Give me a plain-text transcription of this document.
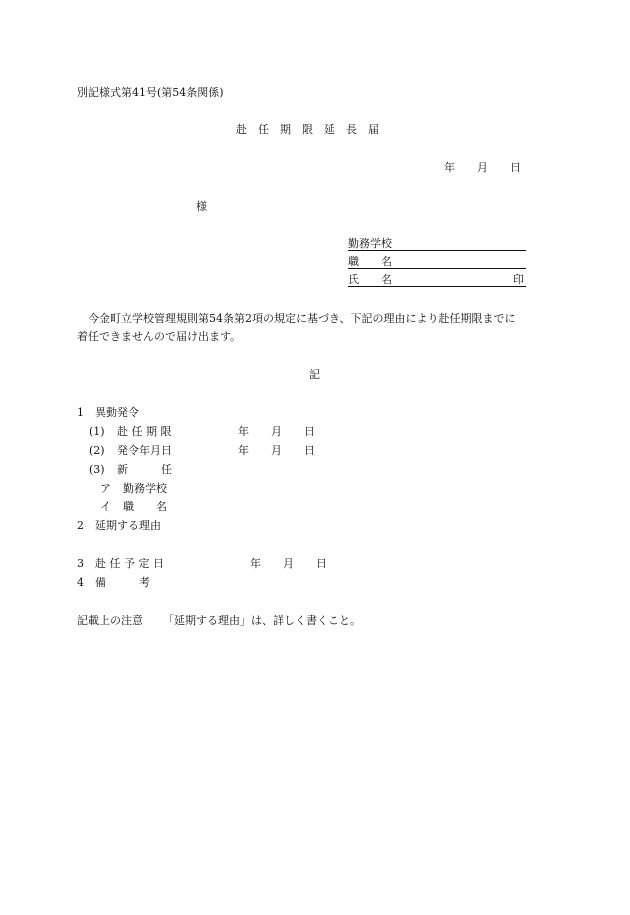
別記様式第41号(第54条関係)
赴　任　期　限　延　長　届
年　　月　　日
様
勤務学校
職　　名
氏　　名	印
今金町立学校管理規則第54条第2項の規定に基づき、下記の理由により赴任期限までに
着任できませんので届け出ます。
記
1 異動発令
(1) 赴 任 期 限	年　　月　　日
(2) 発令年月日	年　　月　　日
(3) 新　　　任
ア 勤務学校
イ 職　　名
2 延期する理由
3 赴 任 予 定 日	年　　月　　日
4 備　　　考
記載上の注意 「延期する理由」は、詳しく書くこと。
